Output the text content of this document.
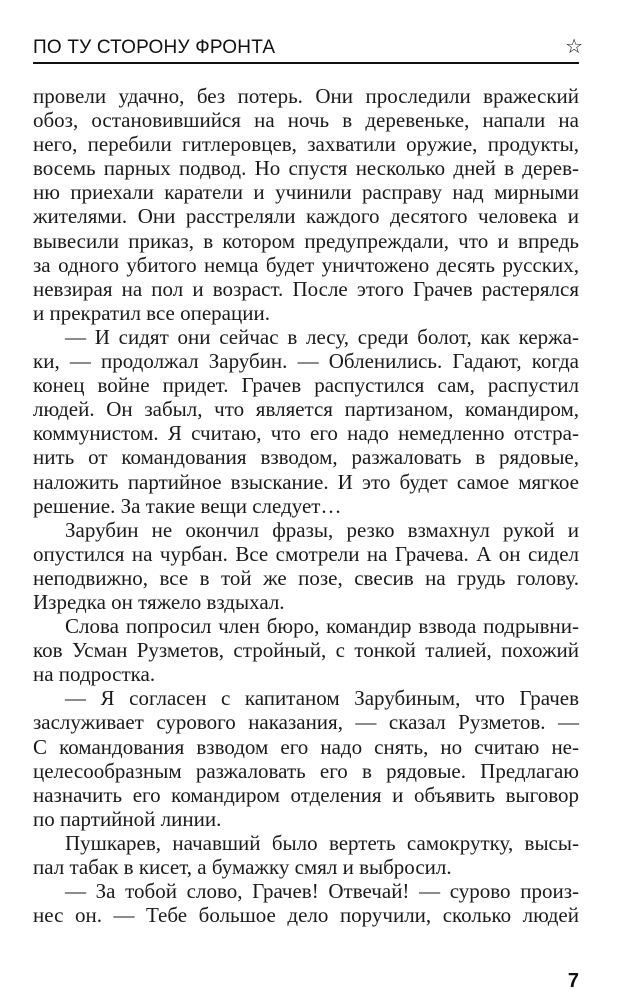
ПО ТУ СТОРОНУ ФРОНТА	☆
провели удачно, без потерь. Они проследили вражеский
обоз, остановившийся на ночь в деревеньке, напали на
него, перебили гитлеровцев, захватили оружие, продукты,
восемь парных подвод. Но спустя несколько дней в дерев-
ню приехали каратели и учинили расправу над мирными
жителями. Они расстреляли каждого десятого человека и
вывесили приказ, в котором предупреждали, что и впредь
за одного убитого немца будет уничтожено десять русских,
невзирая на пол и возраст. После этого Грачев растерялся
и прекратил все операции.
— И сидят они сейчас в лесу, среди болот, как кержа-
ки, — продолжал Зарубин. — Обленились. Гадают, когда
конец войне придет. Грачев распустился сам, распустил
людей. Он забыл, что является партизаном, командиром,
коммунистом. Я считаю, что его надо немедленно отстра-
нить от командования взводом, разжаловать в рядовые,
наложить партийное взыскание. И это будет самое мягкое
решение. За такие вещи следует…
Зарубин не окончил фразы, резко взмахнул рукой и
опустился на чурбан. Все смотрели на Грачева. А он сидел
неподвижно, все в той же позе, свесив на грудь голову.
Изредка он тяжело вздыхал.
Слова попросил член бюро, командир взвода подрывни-
ков Усман Рузметов, стройный, с тонкой талией, похожий
на подростка.
— Я согласен с капитаном Зарубиным, что Грачев
заслуживает сурового наказания, — сказал Рузметов. —
С командования взводом его надо снять, но считаю не-
целесообразным разжаловать его в рядовые. Предлагаю
назначить его командиром отделения и объявить выговор
по партийной линии.
Пушкарев, начавший было вертеть самокрутку, высы-
пал табак в кисет, а бумажку смял и выбросил.
— За тобой слово, Грачев! Отвечай! — сурово произ-
нес он. — Тебе большое дело поручили, сколько людей
7
